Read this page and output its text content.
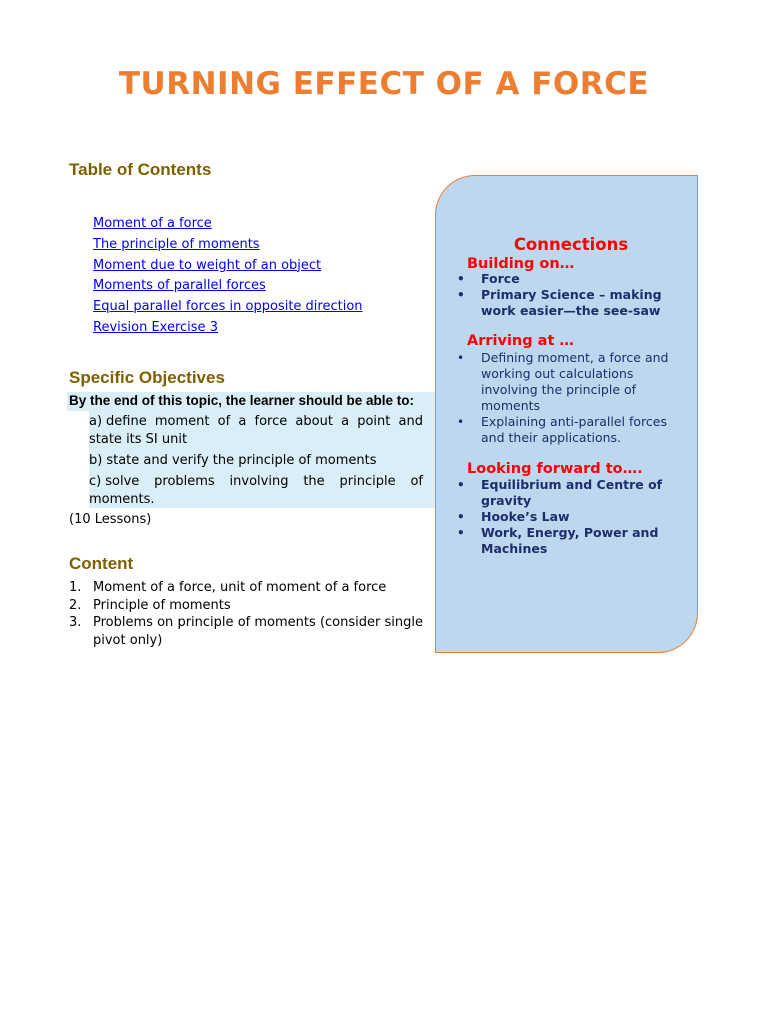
TURNING EFFECT OF A FORCE
Table of Contents
Moment of a force
The principle of moments
Moment due to weight of an object
Moments of parallel forces
Equal parallel forces in opposite direction
Revision Exercise 3
Specific Objectives
By the end of this topic, the learner should be able to:
a) define moment of a force about a point and state its SI unit
b) state and verify the principle of moments
c) solve problems involving the principle of moments.
(10 Lessons)
Content
1. Moment of a force, unit of moment of a force
2. Principle of moments
3. Problems on principle of moments (consider single pivot only)
Connections
Building on…
• Force
• Primary Science – making work easier—the see-saw
Arriving at …
• Defining moment, a force and working out calculations involving the principle of moments
• Explaining anti-parallel forces and their applications.
Looking forward to….
• Equilibrium and Centre of gravity
• Hooke’s Law
• Work, Energy, Power and Machines
